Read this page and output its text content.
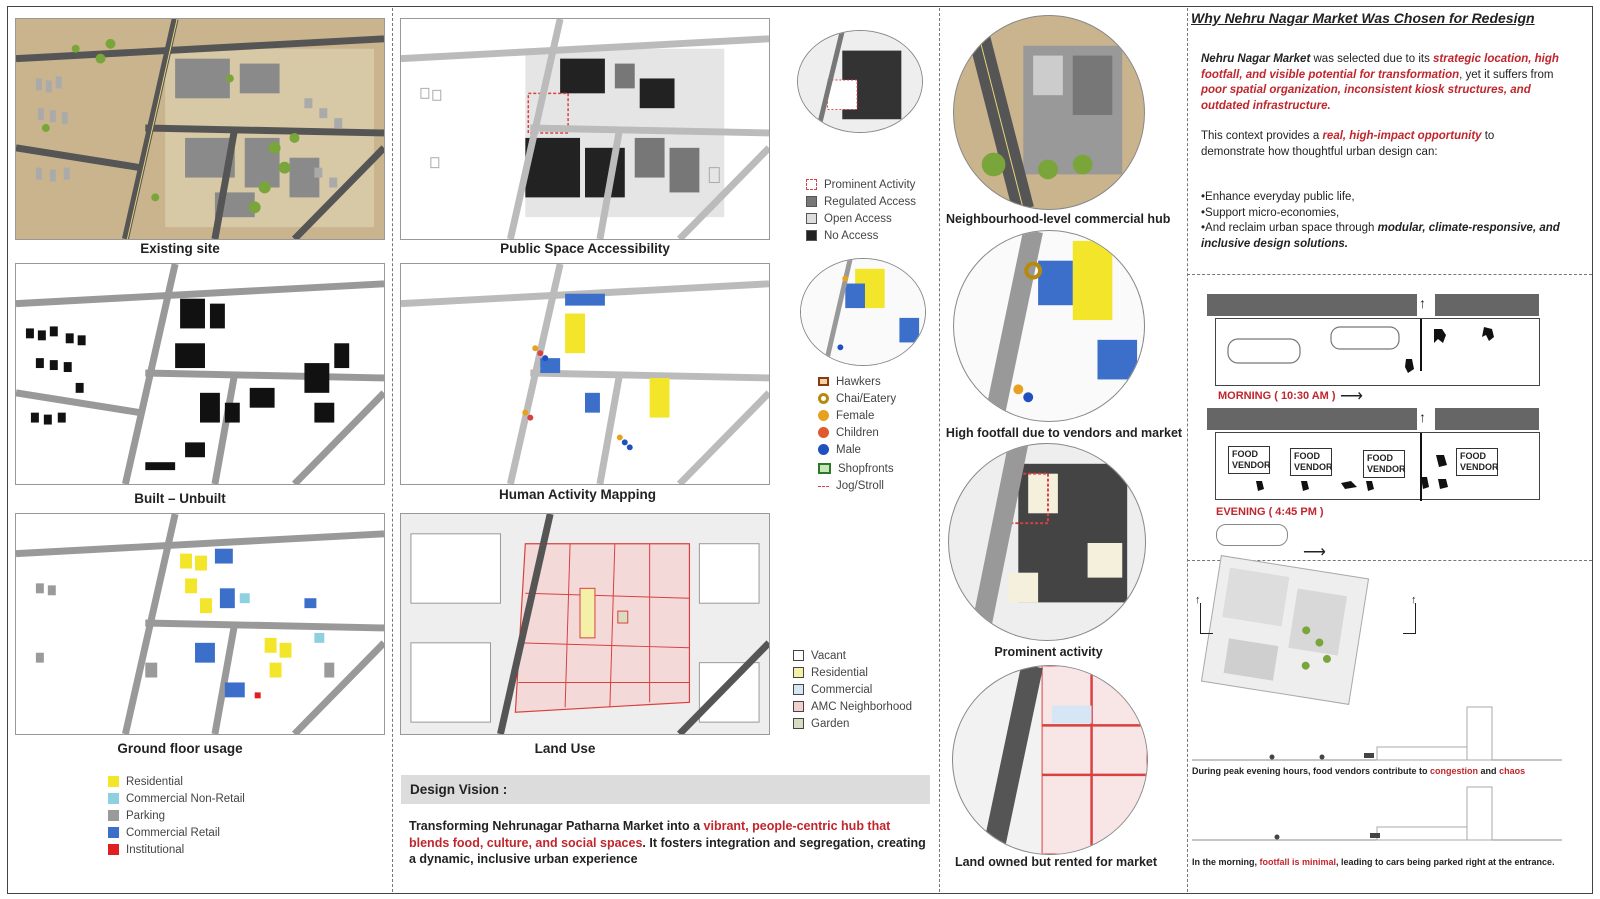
Existing site
Built – Unbuilt
Ground floor usage
Residential
Commercial Non-Retail
Parking
Commercial Retail
Institutional
Public Space Accessibility
Human Activity Mapping
Land Use
Prominent Activity
Regulated Access
Open Access
No Access
Hawkers
Chai/Eatery
Female
Children
Male
Shopfronts
Jog/Stroll
Vacant
Residential
Commercial
AMC Neighborhood
Garden
Design Vision :
Transforming Nehrunagar Patharna Market into a vibrant, people-centric hub that blends food, culture, and social spaces. It fosters integration and segregation, creating a dynamic, inclusive urban experience
Neighbourhood-level commercial hub
High footfall due to vendors and market
Prominent activity
Land owned but rented for market
Why Nehru Nagar Market Was Chosen for Redesign

Nehru Nagar Market was selected due to its strategic location, high footfall, and visible potential for transformation, yet it suffers from poor spatial organization, inconsistent kiosk structures, and outdated infrastructure.

This context provides a real, high-impact opportunity to demonstrate how thoughtful urban design can:

•Enhance everyday public life,

•Support micro-economies,

•And reclaim urban space through modular, climate-responsive, and inclusive design solutions.

↑
MORNING ( 10:30 AM ) ⟶
FOOD VENDOR
FOOD VENDOR
FOOD VENDOR
FOOD VENDOR
↑
EVENING ( 4:45 PM )
⟶
↑	↑
During peak evening hours, food vendors contribute to congestion and chaos
In the morning, footfall is minimal, leading to cars being parked right at the entrance.
